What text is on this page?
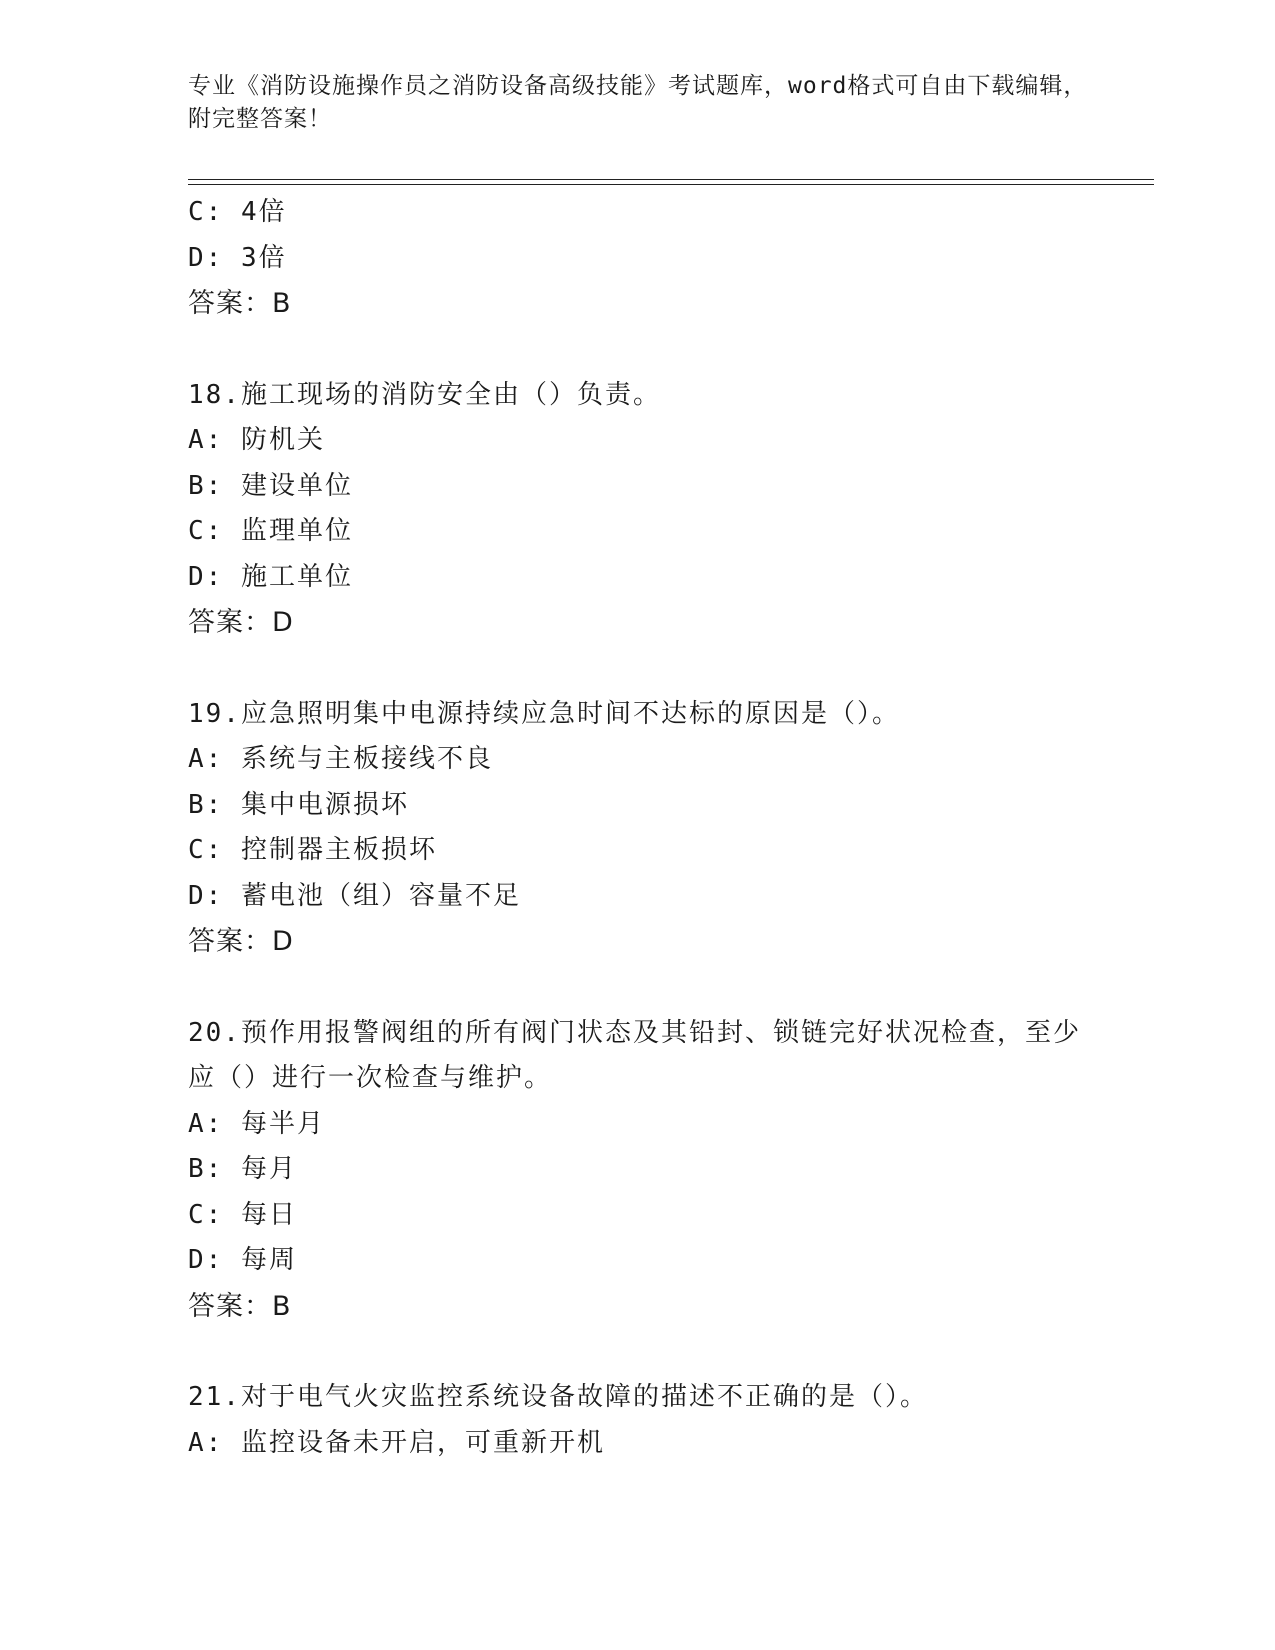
专业《消防设施操作员之消防设备高级技能》考试题库，word格式可自由下载编辑，附完整答案！
C: 4倍
D: 3倍
答案：B
18.施工现场的消防安全由（）负责。
A: 防机关
B: 建设单位
C: 监理单位
D: 施工单位
答案：D
19.应急照明集中电源持续应急时间不达标的原因是（）。
A: 系统与主板接线不良
B: 集中电源损坏
C: 控制器主板损坏
D: 蓄电池（组）容量不足
答案：D
20.预作用报警阀组的所有阀门状态及其铅封、锁链完好状况检查，至少应（）进行一次检查与维护。
A: 每半月
B: 每月
C: 每日
D: 每周
答案：B
21.对于电气火灾监控系统设备故障的描述不正确的是（）。
A: 监控设备未开启，可重新开机
